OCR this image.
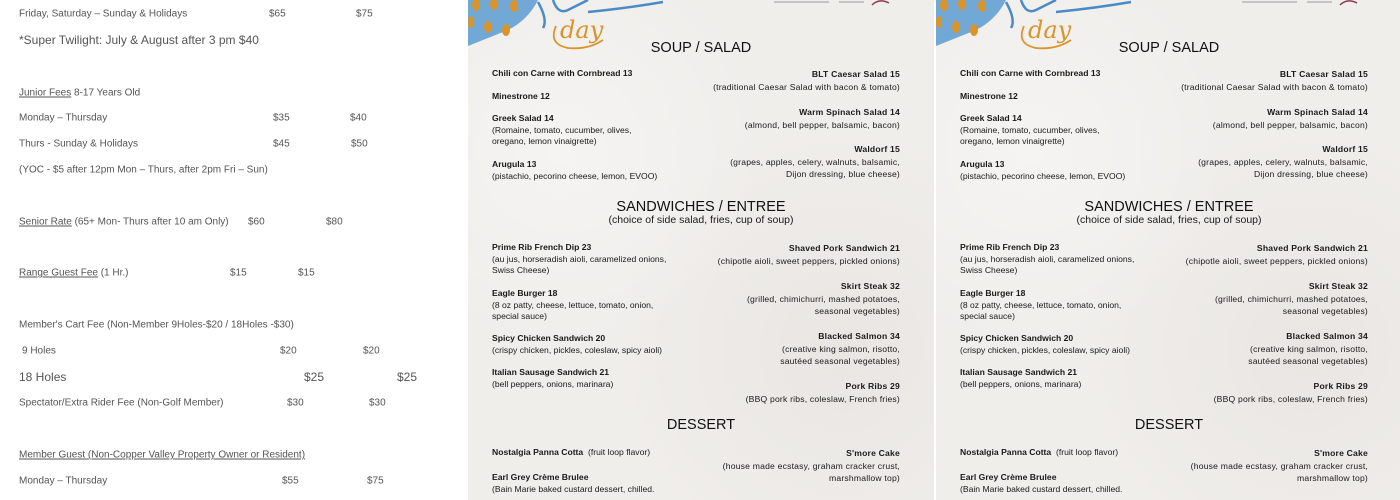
Friday, Saturday – Sunday & Holidays	$65	$75
*Super Twilight: July & August after 3 pm $40
Junior Fees 8-17 Years Old
Monday – Thursday	$35	$40
Thurs - Sunday & Holidays	$45	$50
(YOC - $5 after 12pm Mon – Thurs, after 2pm Fri – Sun)
Senior Rate (65+ Mon- Thurs after 10 am Only) $60	$80
Range Guest Fee (1 Hr.)	$15	$15
Member's Cart Fee (Non-Member 9Holes-$20 / 18Holes -$30)
9 Holes	$20	$20
18 Holes	$25	$25
Spectator/Extra Rider Fee (Non-Golf Member)	$30	$30
Member Guest (Non-Copper Valley Property Owner or Resident)
Monday – Thursday	$55	$75
day
SOUP / SALAD
Chili con Carne with Cornbread 13
Minestrone 12
Greek Salad 14
(Romaine, tomato, cucumber, olives,
oregano, lemon vinaigrette)
Arugula 13
(pistachio, pecorino cheese, lemon, EVOO)
BLT Caesar Salad 15
(traditional Caesar Salad with bacon & tomato)
Warm Spinach Salad 14
(almond, bell pepper, balsamic, bacon)
Waldorf 15
(grapes, apples, celery, walnuts, balsamic,
Dijon dressing, blue cheese)
SANDWICHES / ENTREE
(choice of side salad, fries, cup of soup)
Prime Rib French Dip 23
(au jus, horseradish aioli, caramelized onions,
Swiss Cheese)
Eagle Burger 18
(8 oz patty, cheese, lettuce, tomato, onion,
special sauce)
Spicy Chicken Sandwich 20
(crispy chicken, pickles, coleslaw, spicy aioli)
Italian Sausage Sandwich 21
(bell peppers, onions, marinara)
Shaved Pork Sandwich 21
(chipotle aioli, sweet peppers, pickled onions)
Skirt Steak 32
(grilled, chimichurri, mashed potatoes,
seasonal vegetables)
Blacked Salmon 34
(creative king salmon, risotto,
sautéed seasonal vegetables)
Pork Ribs 29
(BBQ pork ribs, coleslaw, French fries)
DESSERT
Nostalgia Panna Cotta  (fruit loop flavor)
Earl Grey Crème Brulee
(Bain Marie baked custard dessert, chilled.
S'more Cake
(house made ecstasy, graham cracker crust,
marshmallow top)
day
SOUP / SALAD
Chili con Carne with Cornbread 13
Minestrone 12
Greek Salad 14
(Romaine, tomato, cucumber, olives,
oregano, lemon vinaigrette)
Arugula 13
(pistachio, pecorino cheese, lemon, EVOO)
BLT Caesar Salad 15
(traditional Caesar Salad with bacon & tomato)
Warm Spinach Salad 14
(almond, bell pepper, balsamic, bacon)
Waldorf 15
(grapes, apples, celery, walnuts, balsamic,
Dijon dressing, blue cheese)
SANDWICHES / ENTREE
(choice of side salad, fries, cup of soup)
Prime Rib French Dip 23
(au jus, horseradish aioli, caramelized onions,
Swiss Cheese)
Eagle Burger 18
(8 oz patty, cheese, lettuce, tomato, onion,
special sauce)
Spicy Chicken Sandwich 20
(crispy chicken, pickles, coleslaw, spicy aioli)
Italian Sausage Sandwich 21
(bell peppers, onions, marinara)
Shaved Pork Sandwich 21
(chipotle aioli, sweet peppers, pickled onions)
Skirt Steak 32
(grilled, chimichurri, mashed potatoes,
seasonal vegetables)
Blacked Salmon 34
(creative king salmon, risotto,
sautéed seasonal vegetables)
Pork Ribs 29
(BBQ pork ribs, coleslaw, French fries)
DESSERT
Nostalgia Panna Cotta  (fruit loop flavor)
Earl Grey Crème Brulee
(Bain Marie baked custard dessert, chilled.
S'more Cake
(house made ecstasy, graham cracker crust,
marshmallow top)
